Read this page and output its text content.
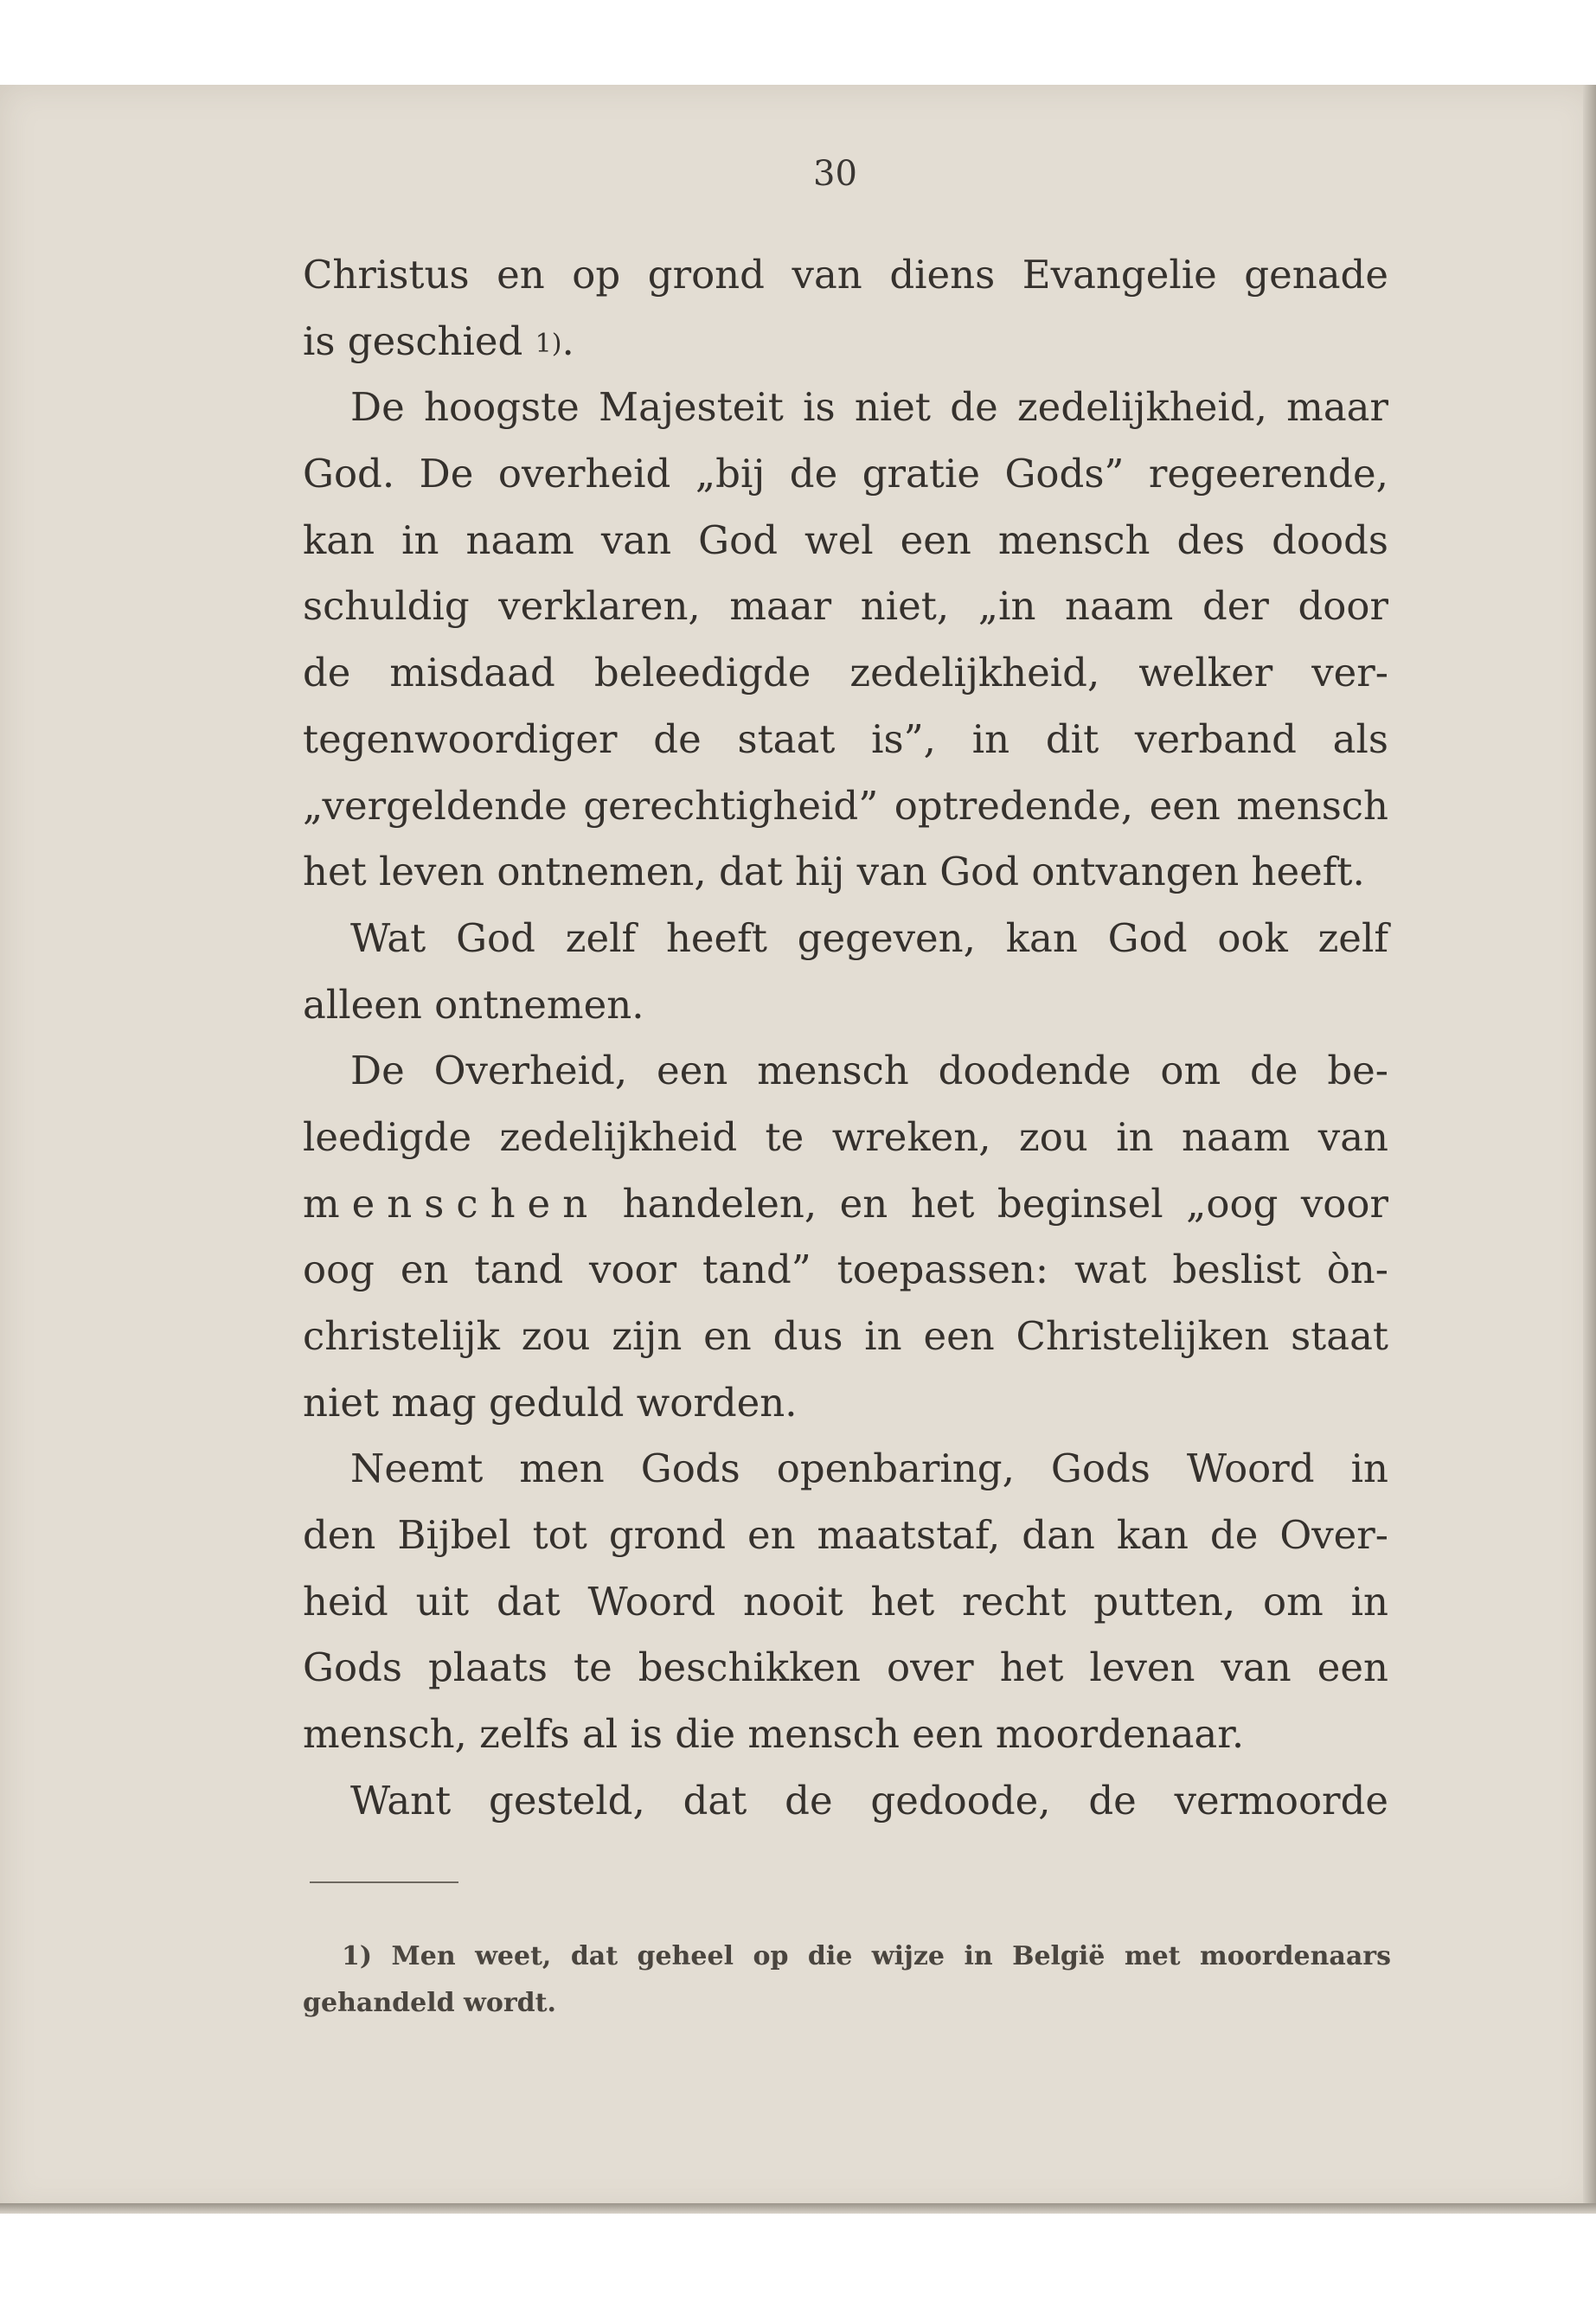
30
Christus en op grond van diens Evangelie genade
is geschied 1).
De hoogste Majesteit is niet de zedelijkheid, maar
God. De overheid „bij de gratie Gods” regeerende,
kan in naam van God wel een mensch des doods
schuldig verklaren, maar niet, „in naam der door
de misdaad beleedigde zedelijkheid, welker ver-
tegenwoordiger de staat is”, in dit verband als
„vergeldende gerechtigheid” optredende, een mensch
het leven ontnemen, dat hij van God ontvangen heeft.
Wat God zelf heeft gegeven, kan God ook zelf
alleen ontnemen.
De Overheid, een mensch doodende om de be-
leedigde zedelijkheid te wreken, zou in naam van
menschen handelen, en het beginsel „oog voor
oog en tand voor tand” toepassen: wat beslist òn-
christelijk zou zijn en dus in een Christelijken staat
niet mag geduld worden.
Neemt men Gods openbaring, Gods Woord in
den Bijbel tot grond en maatstaf, dan kan de Over-
heid uit dat Woord nooit het recht putten, om in
Gods plaats te beschikken over het leven van een
mensch, zelfs al is die mensch een moordenaar.
Want gesteld, dat de gedoode, de vermoorde
1) Men weet, dat geheel op die wijze in België met moordenaars
gehandeld wordt.
